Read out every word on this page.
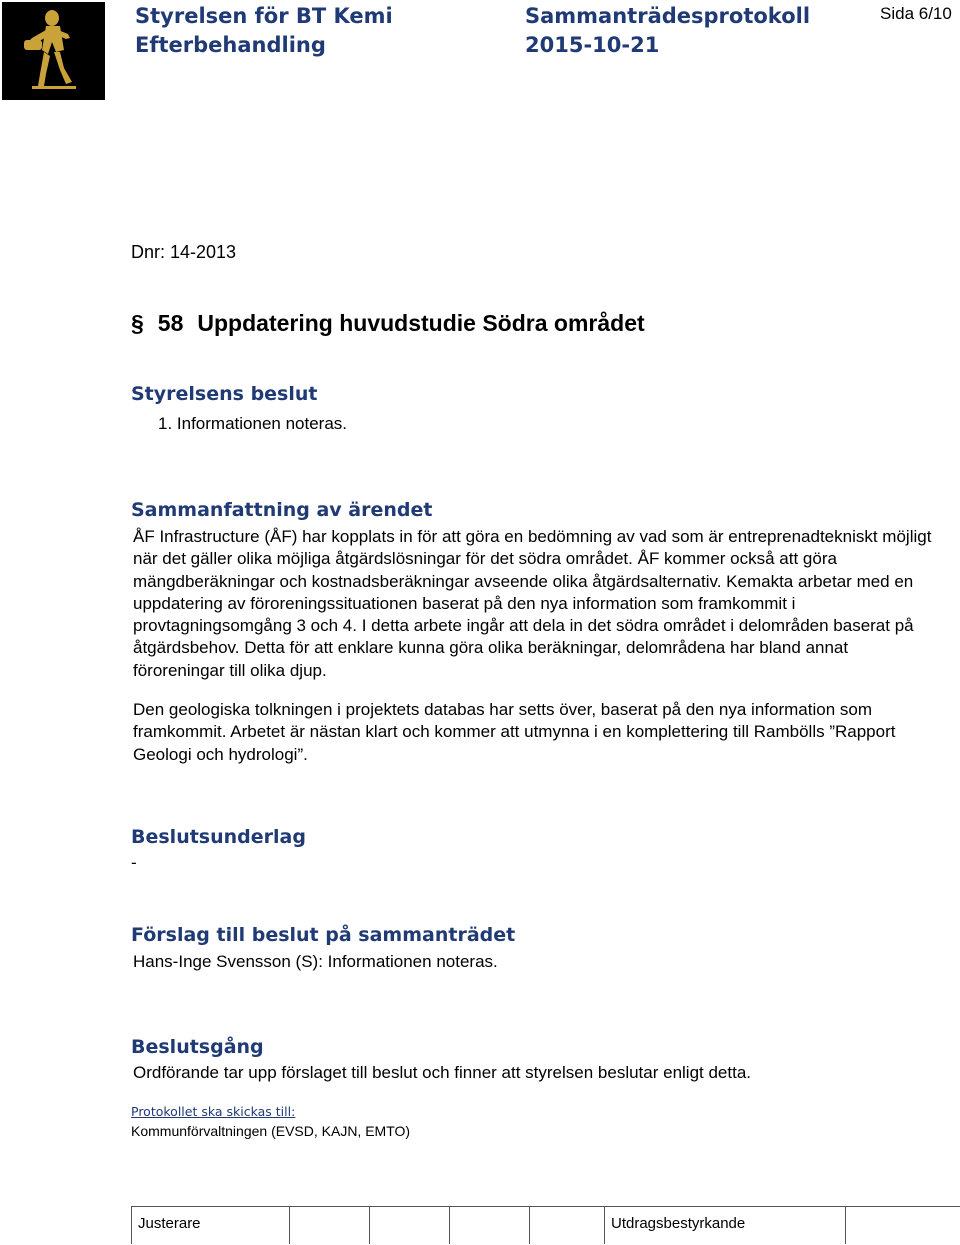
Styrelsen för BT Kemi
Efterbehandling
Sammanträdesprotokoll
2015-10-21
Sida 6/10
Dnr: 14-2013
§ 58 Uppdatering huvudstudie Södra området
Styrelsens beslut
1. Informationen noteras.
Sammanfattning av ärendet

ÅF Infrastructure (ÅF) har kopplats in för att göra en bedömning av vad som är entreprenadtekniskt möjligt när det gäller olika möjliga åtgärdslösningar för det södra området. ÅF kommer också att göra mängdberäkningar och kostnadsberäkningar avseende olika åtgärdsalternativ. Kemakta arbetar med en uppdatering av föroreningssituationen baserat på den nya information som framkommit i provtagningsomgång 3 och 4. I detta arbete ingår att dela in det södra området i delområden baserat på åtgärdsbehov. Detta för att enklare kunna göra olika beräkningar, delområdena har bland annat föroreningar till olika djup.

Den geologiska tolkningen i projektets databas har setts över, baserat på den nya information som framkommit. Arbetet är nästan klart och kommer att utmynna i en komplettering till Rambölls ”Rapport Geologi och hydrologi”.

Beslutsunderlag
-
Förslag till beslut på sammanträdet
Hans-Inge Svensson (S): Informationen noteras.
Beslutsgång
Ordförande tar upp förslaget till beslut och finner att styrelsen beslutar enligt detta.
Protokollet ska skickas till:
Kommunförvaltningen (EVSD, KAJN, EMTO)
Justerare	Utdragsbestyrkande
